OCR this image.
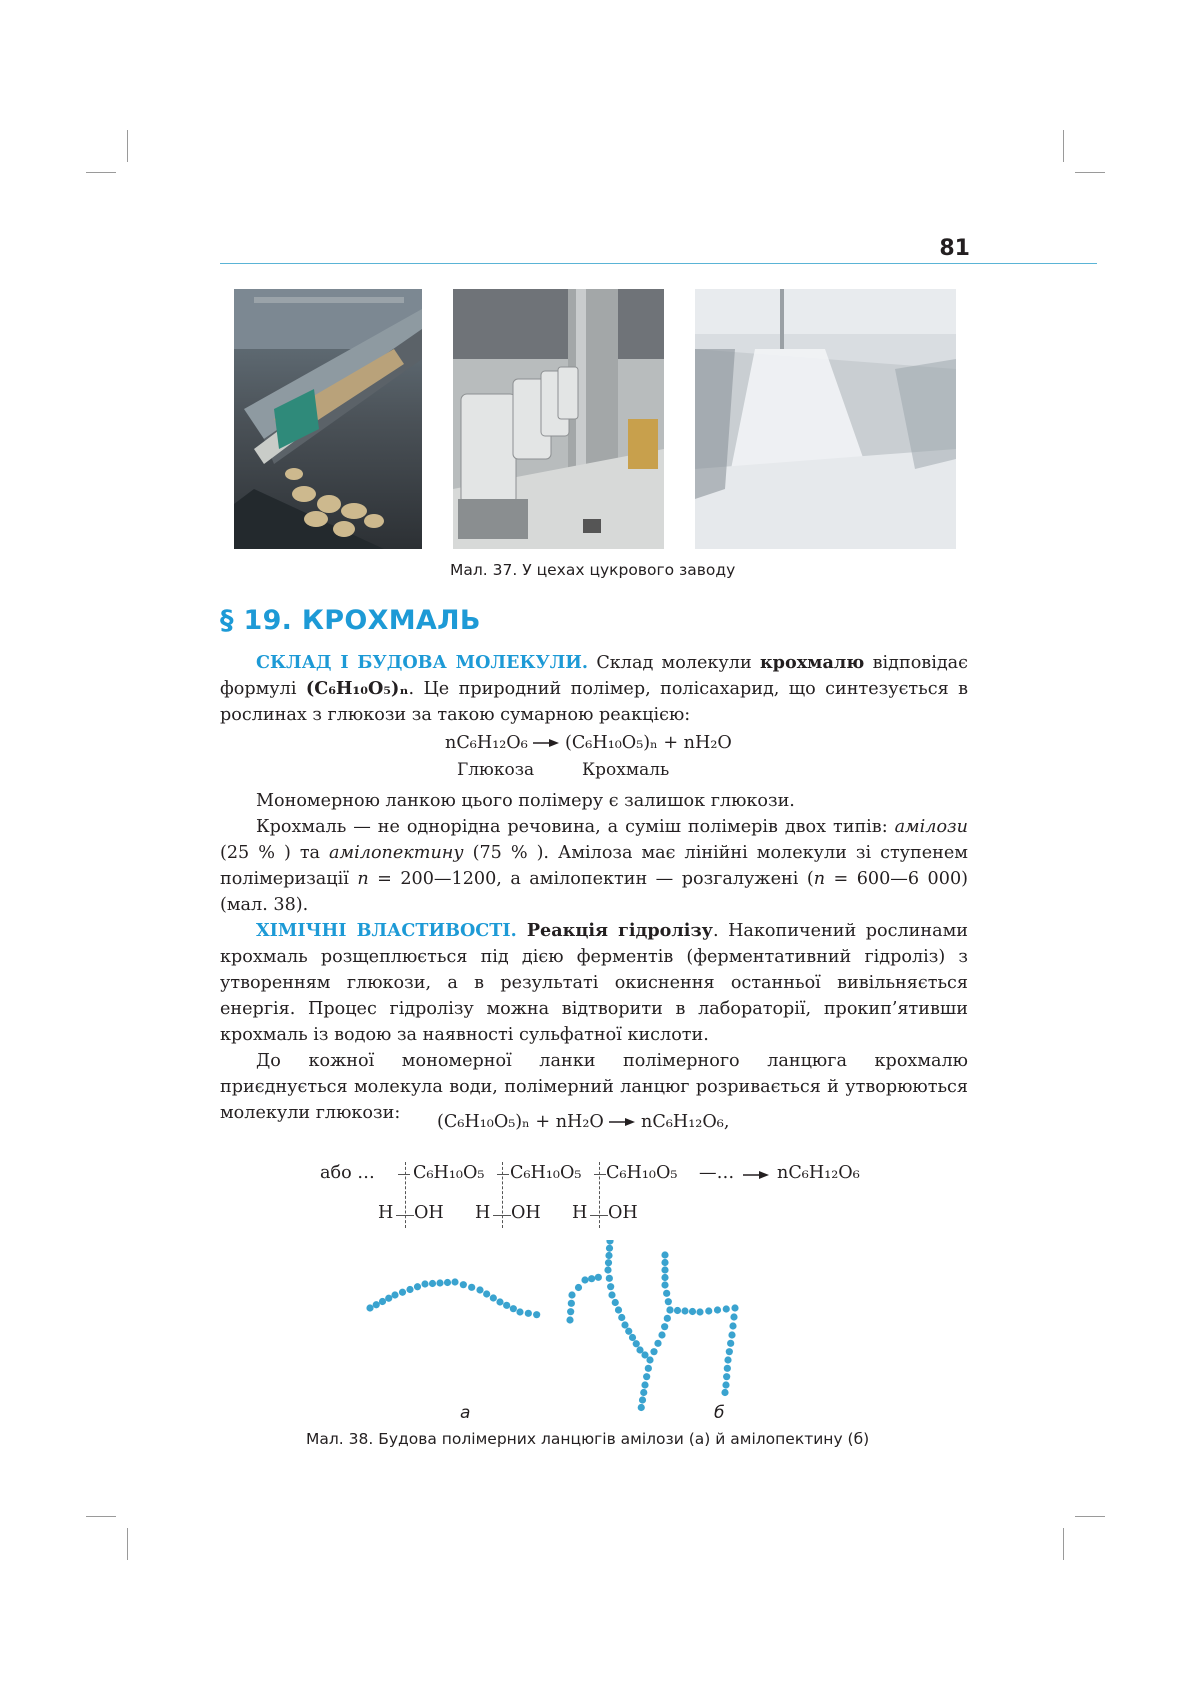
81
Мал. 37. У цехах цукрового заводу
§ 19. КРОХМАЛЬ

СКЛАД І БУДОВА МОЛЕКУЛИ. Склад молекули крохмалю відповідає формулі (C₆H₁₀O₅)ₙ. Це природний полімер, полісахарид, що синтезується в рослинах з глюкози за такою сумарною реакцією:

nC₆H₁₂O₆ (C₆H₁₀O₅)ₙ + nH₂O
Глюкоза	Крохмаль

Мономерною ланкою цього полімеру є залишок глюкози.

Крохмаль — не однорідна речовина, а суміш полімерів двох типів: амілози (25 % ) та амілопектину (75 % ). Амілоза має лінійні молекули зі ступенем полімеризації n = 200—1200, а амілопектин — розгалужені (n = 600—6 000) (мал. 38).

ХІМІЧНІ ВЛАСТИВОСТІ. Реакція гідролізу. Накопичений рослинами крохмаль розщеплюється під дією ферментів (ферментативний гідроліз) з утворенням глюкози, а в результаті окиснення останньої вивільняється енергія. Процес гідролізу можна відтворити в лабораторії, прокип’ятивши крохмаль із водою за наявності сульфатної кислоти.

До кожної мономерної ланки полімерного ланцюга крохмалю приєднується молекула води, полімерний ланцюг розривається й утворюються молекули глюкози:	(C₆H₁₀O₅)ₙ + nH₂O nC₆H₁₂O₆,
або … C₆H₁₀O₅ C₆H₁₀O₅ C₆H₁₀O₅ —… nC₆H₁₂O₆
H OH H OH H OH
а	б
Мал. 38. Будова полімерних ланцюгів амілози (а) й амілопектину (б)
